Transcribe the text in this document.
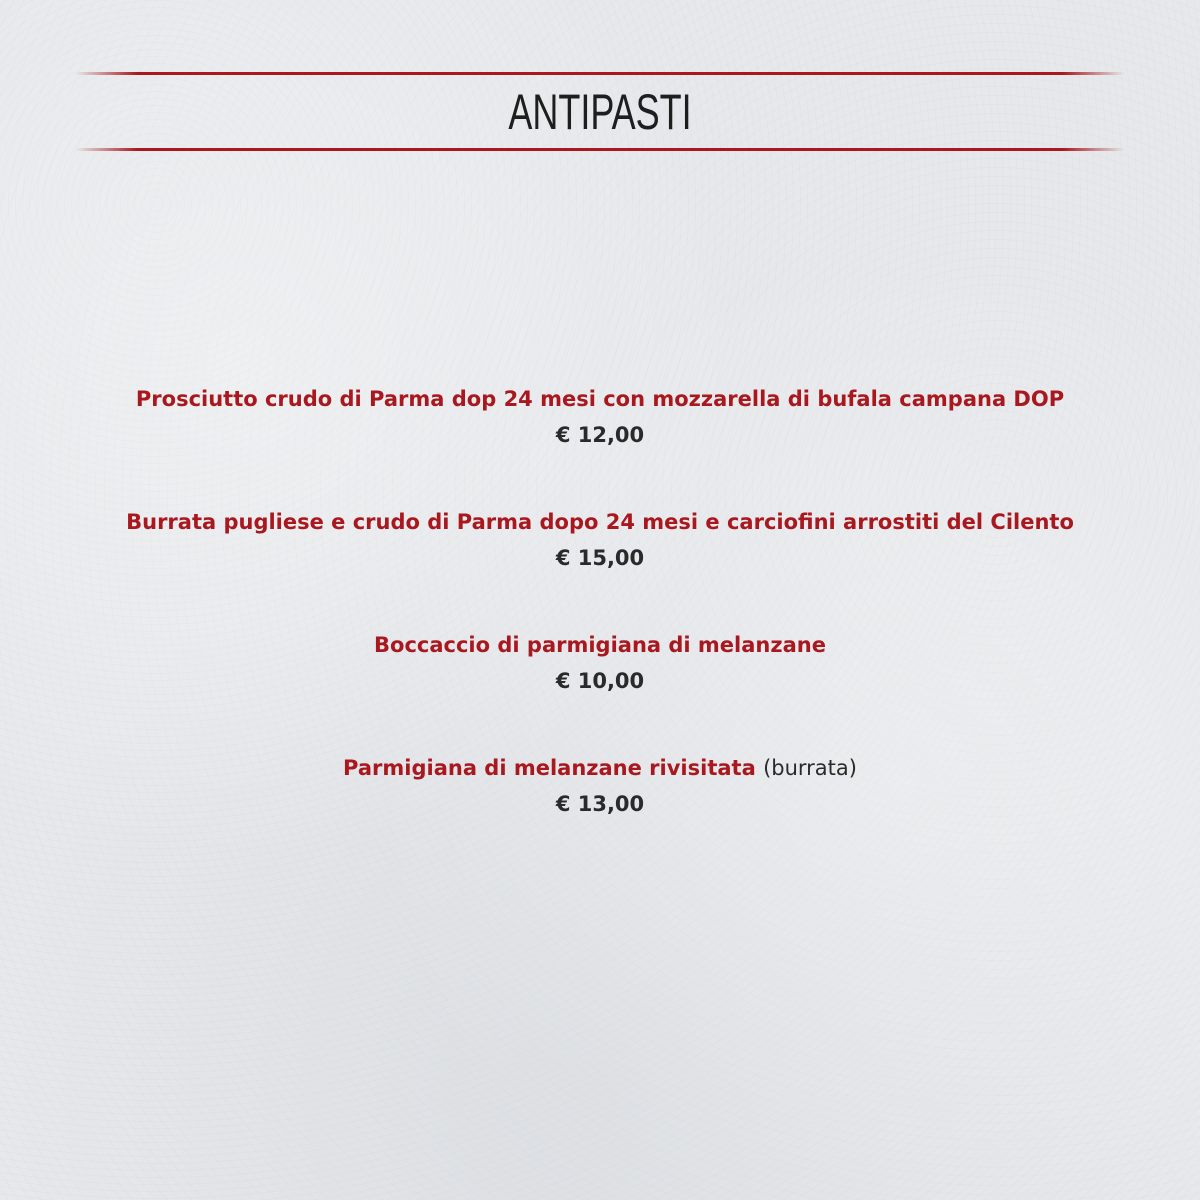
ANTIPASTI
Prosciutto crudo di Parma dop 24 mesi con mozzarella di bufala campana DOP
€ 12,00
Burrata pugliese e crudo di Parma dopo 24 mesi e carciofini arrostiti del Cilento
€ 15,00
Boccaccio di parmigiana di melanzane
€ 10,00
Parmigiana di melanzane rivisitata (burrata)
€ 13,00
